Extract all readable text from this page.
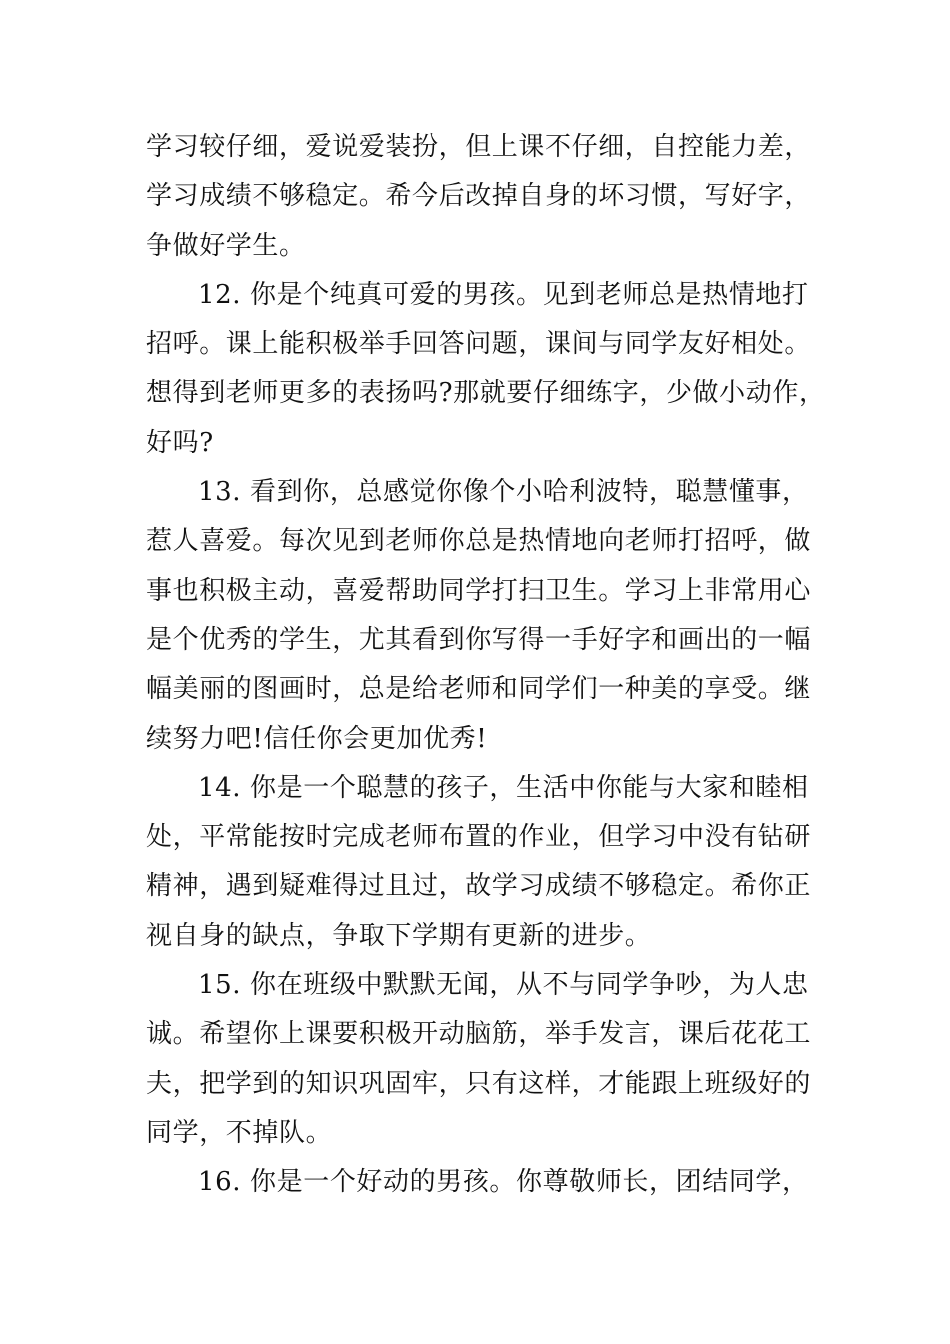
学习较仔细，爱说爱装扮，但上课不仔细，自控能力差，
学习成绩不够稳定。希今后改掉自身的坏习惯，写好字，
争做好学生。
12. 你是个纯真可爱的男孩。见到老师总是热情地打
招呼。课上能积极举手回答问题，课间与同学友好相处。
想得到老师更多的表扬吗?那就要仔细练字，少做小动作，
好吗?
13. 看到你，总感觉你像个小哈利波特，聪慧懂事，
惹人喜爱。每次见到老师你总是热情地向老师打招呼，做
事也积极主动，喜爱帮助同学打扫卫生。学习上非常用心
是个优秀的学生，尤其看到你写得一手好字和画出的一幅
幅美丽的图画时，总是给老师和同学们一种美的享受。继
续努力吧!信任你会更加优秀!
14. 你是一个聪慧的孩子，生活中你能与大家和睦相
处，平常能按时完成老师布置的作业，但学习中没有钻研
精神，遇到疑难得过且过，故学习成绩不够稳定。希你正
视自身的缺点，争取下学期有更新的进步。
15. 你在班级中默默无闻，从不与同学争吵，为人忠
诚。希望你上课要积极开动脑筋，举手发言，课后花花工
夫，把学到的知识巩固牢，只有这样，才能跟上班级好的
同学，不掉队。
16. 你是一个好动的男孩。你尊敬师长，团结同学，
